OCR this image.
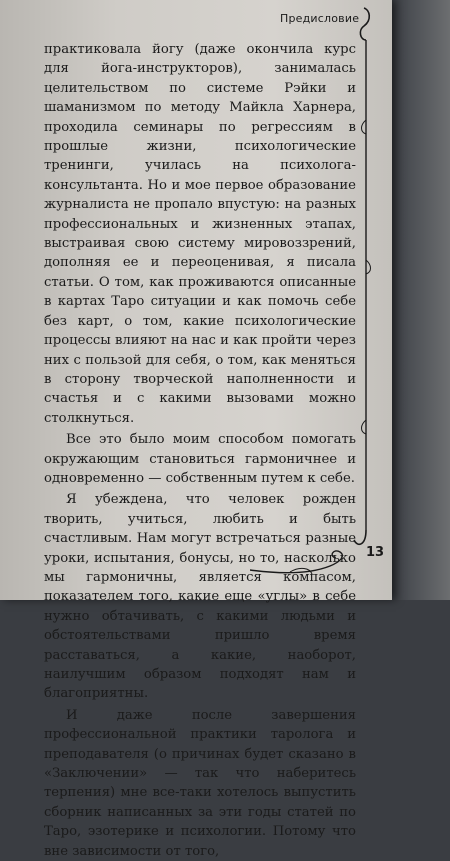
Предисловие

практиковала йогу (даже окончила курс для йога-инструкторов), занималась целительством по системе Рэйки и шаманизмом по методу Майкла Харнера, проходила семинары по регрессиям в прошлые жизни, психологические тренинги, училась на психолога-консультанта. Но и мое первое образование журналиста не пропало впустую: на разных профессиональных и жизненных этапах, выстраивая свою систему мировоззрений, дополняя ее и переоценивая, я писала статьи. О том, как проживаются описанные в картах Таро ситуации и как помочь себе без карт, о том, какие психологические процессы влияют на нас и как пройти через них с пользой для себя, о том, как меняться в сторону творческой наполненности и счастья и с какими вызовами можно столкнуться.

Все это было моим способом помогать окружающим становиться гармоничнее и одновременно — собственным путем к себе.

Я убеждена, что человек рожден творить, учиться, любить и быть счастливым. Нам могут встречаться разные уроки, испытания, бонусы, но то, насколько мы гармоничны, является компасом, показателем того, какие еще «углы» в себе нужно обтачивать, с какими людьми и обстоятельствами пришло время расставаться, а какие, наоборот, наилучшим образом подходят нам и благоприятны.

И даже после завершения профессиональной практики таролога и преподавателя (о причинах будет сказано в «Заключении» — так что наберитесь терпения) мне все-таки хотелось выпустить сборник написанных за эти годы статей по Таро, эзотерике и психологии. Потому что вне зависимости от того,

13
